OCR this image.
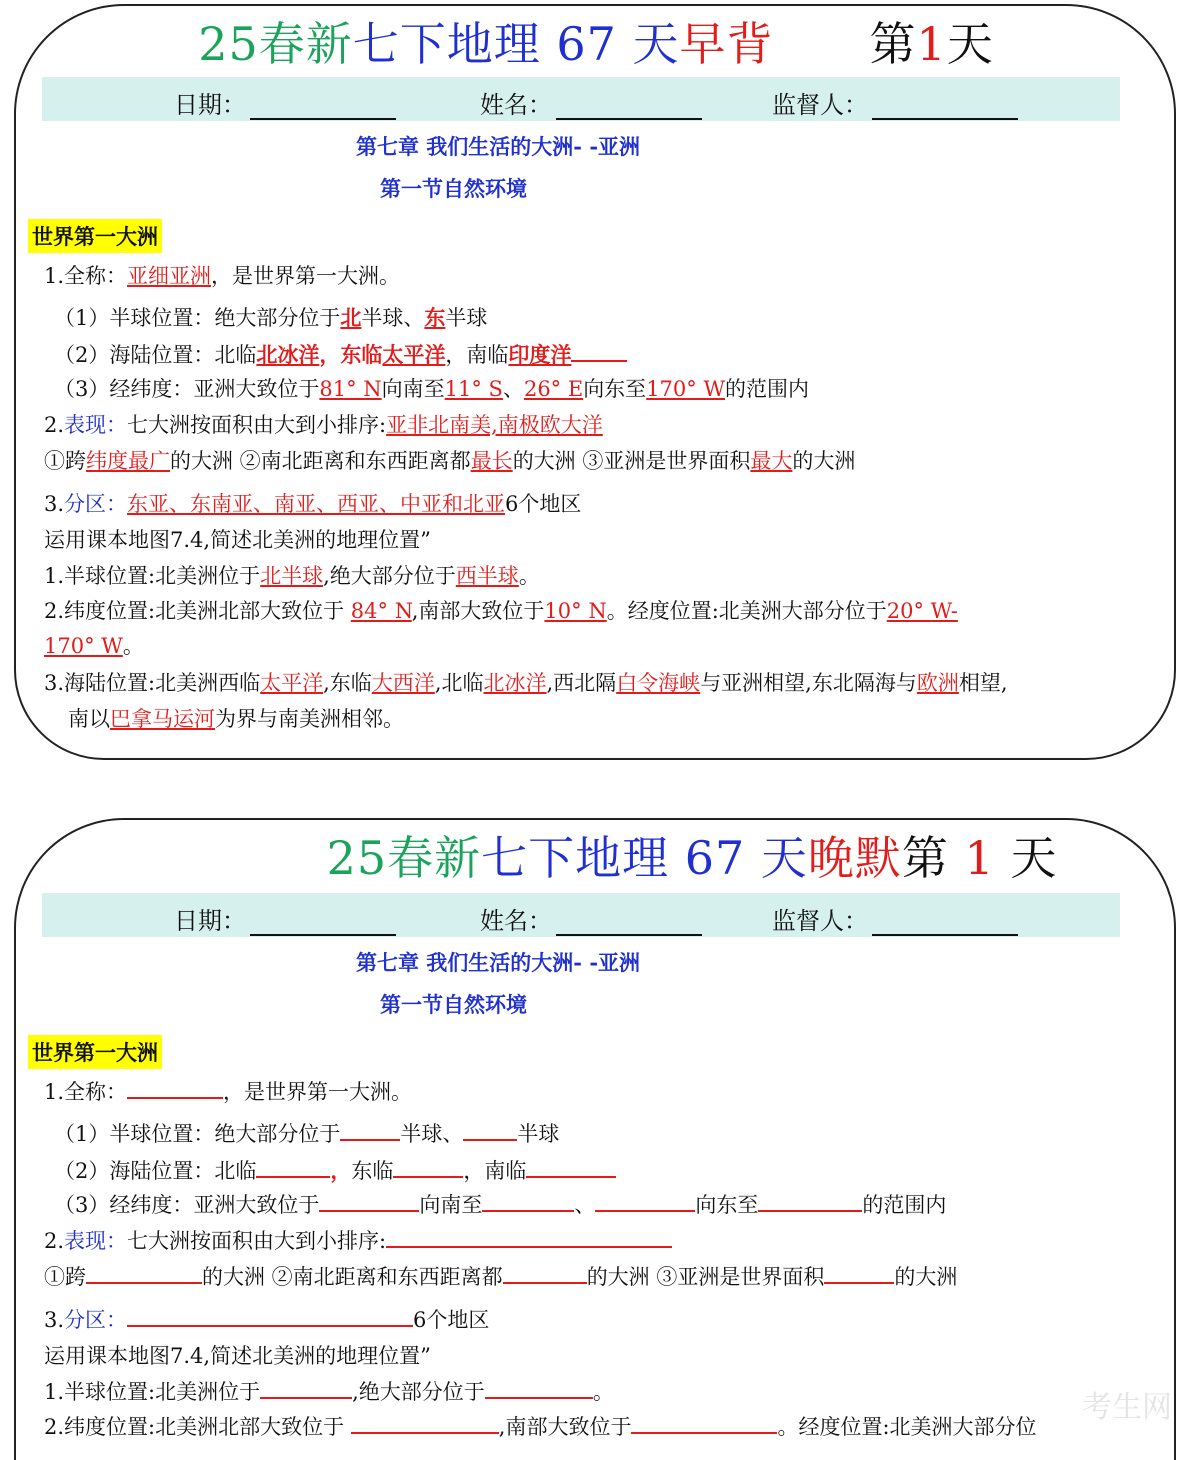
25春新七下地理 67 天早背 第1天
日期：	姓名：	监督人：
第七章 我们生活的大洲- -亚洲
第一节自然环境
世界第一大洲
1.全称：亚细亚洲，是世界第一大洲。
（1）半球位置：绝大部分位于北半球、东半球
（2）海陆位置：北临北冰洋，东临太平洋，南临印度洋
（3）经纬度：亚洲大致位于81° N向南至11° S、26° E向东至170° W的范围内
2.表现：七大洲按面积由大到小排序:亚非北南美,南极欧大洋
①跨纬度最广的大洲 ②南北距离和东西距离都最长的大洲 ③亚洲是世界面积最大的大洲
3.分区：东亚、东南亚、南亚、西亚、中亚和北亚6个地区
运用课本地图7.4,简述北美洲的地理位置”
1.半球位置:北美洲位于北半球,绝大部分位于西半球。
2.纬度位置:北美洲北部大致位于 84° N,南部大致位于10° N。经度位置:北美洲大部分位于20° W-
170° W。
3.海陆位置:北美洲西临太平洋,东临大西洋,北临北冰洋,西北隔白令海峡与亚洲相望,东北隔海与欧洲相望,
南以巴拿马运河为界与南美洲相邻。
25春新七下地理 67 天晚默第 1 天
日期：	姓名：	监督人：
第七章 我们生活的大洲- -亚洲
第一节自然环境
世界第一大洲
1.全称：	，是世界第一大洲。
（1）半球位置：绝大部分位于	半球、	半球
（2）海陆位置：北临	，东临	，南临
（3）经纬度：亚洲大致位于	向南至	、	向东至	的范围内
2.表现：七大洲按面积由大到小排序:
①跨	的大洲 ②南北距离和东西距离都	的大洲 ③亚洲是世界面积	的大洲
3.分区：	6个地区
运用课本地图7.4,简述北美洲的地理位置”
1.半球位置:北美洲位于	,绝大部分位于	。
2.纬度位置:北美洲北部大致位于	,南部大致位于	。经度位置:北美洲大部分位
考生网
